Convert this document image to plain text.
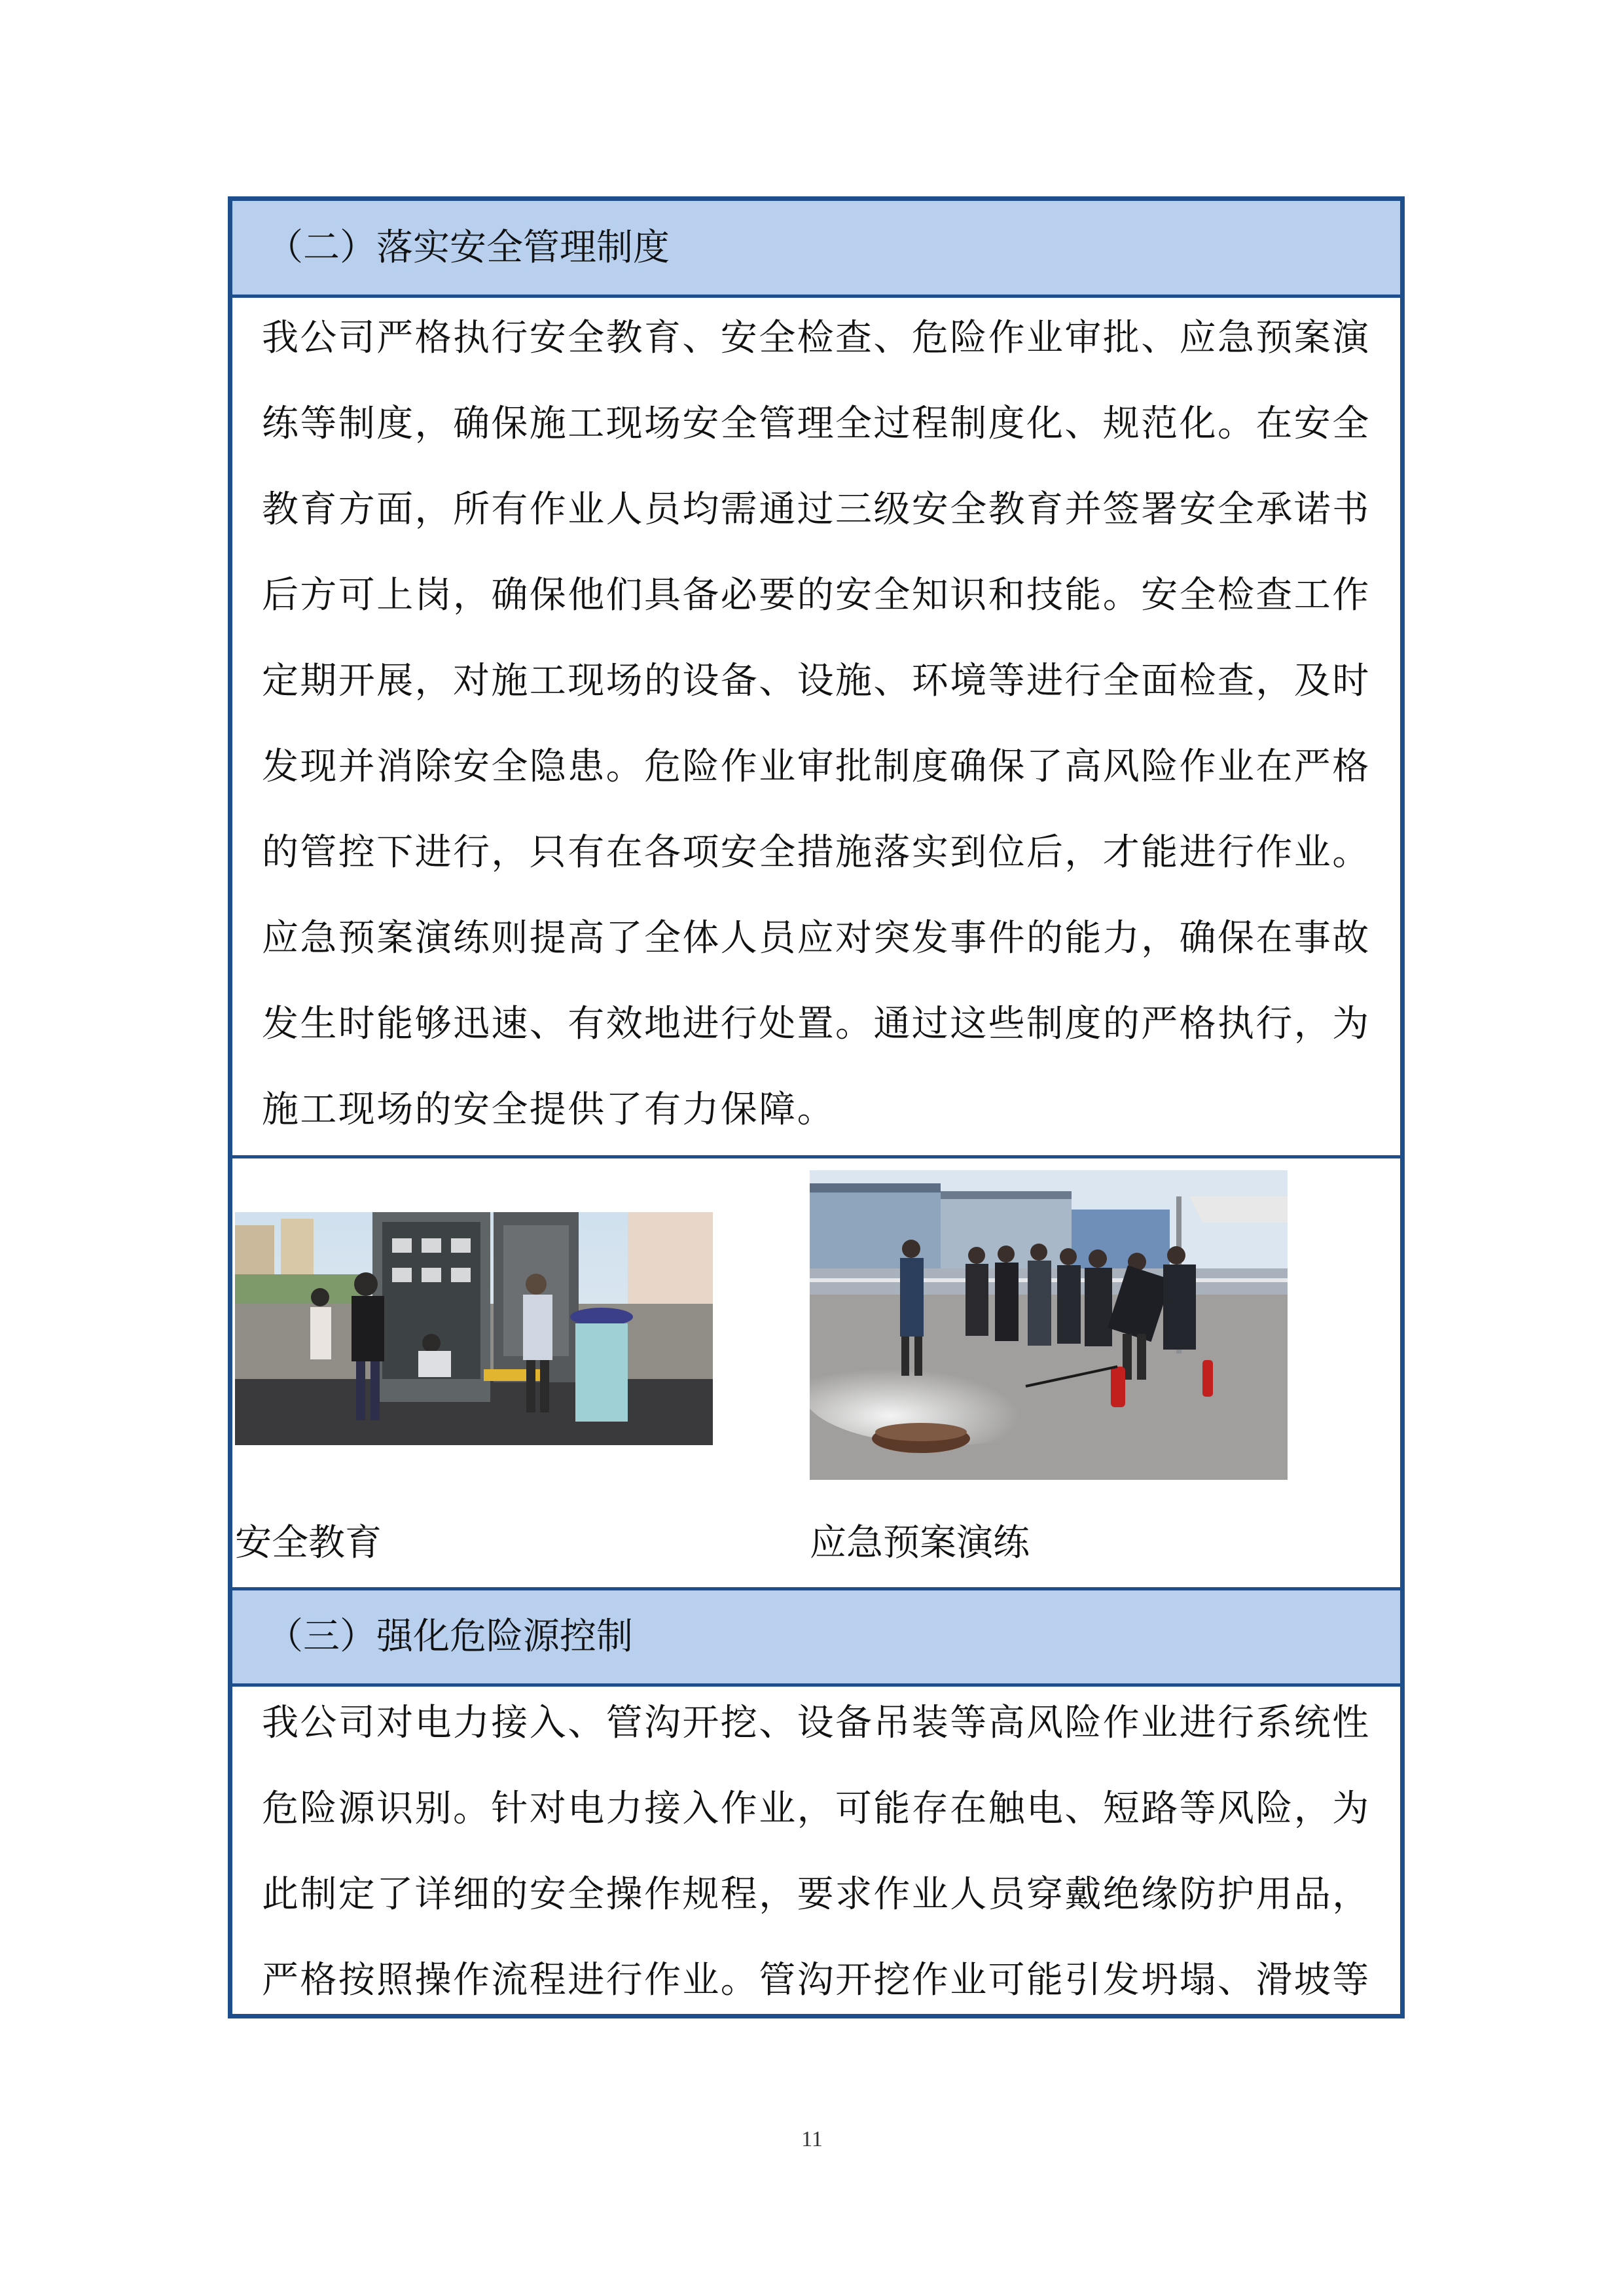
（二）落实安全管理制度
我公司严格执行安全教育、安全检查、危险作业审批、应急预案演
练等制度，确保施工现场安全管理全过程制度化、规范化。在安全
教育方面，所有作业人员均需通过三级安全教育并签署安全承诺书
后方可上岗，确保他们具备必要的安全知识和技能。安全检查工作
定期开展，对施工现场的设备、设施、环境等进行全面检查，及时
发现并消除安全隐患。危险作业审批制度确保了高风险作业在严格
的管控下进行，只有在各项安全措施落实到位后，才能进行作业。
应急预案演练则提高了全体人员应对突发事件的能力，确保在事故
发生时能够迅速、有效地进行处置。通过这些制度的严格执行，为
施工现场的安全提供了有力保障。
安全教育	应急预案演练
（三）强化危险源控制
我公司对电力接入、管沟开挖、设备吊装等高风险作业进行系统性
危险源识别。针对电力接入作业，可能存在触电、短路等风险，为
此制定了详细的安全操作规程，要求作业人员穿戴绝缘防护用品，
严格按照操作流程进行作业。管沟开挖作业可能引发坍塌、滑坡等
11
